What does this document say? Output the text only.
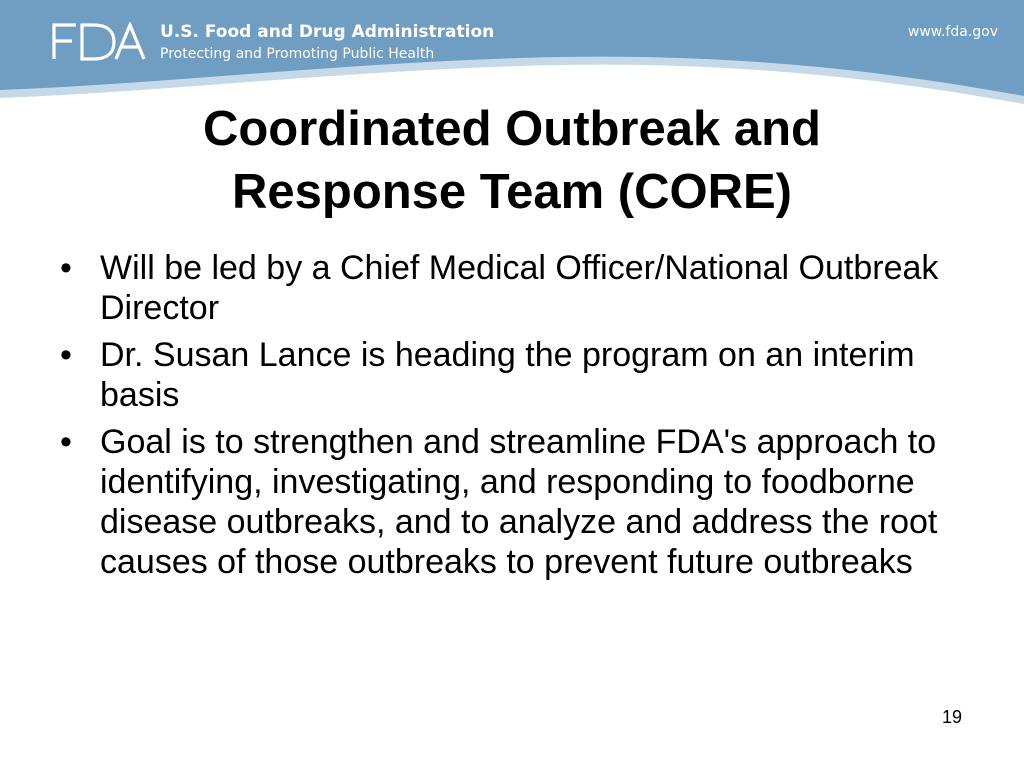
U.S. Food and Drug Administration
Protecting and Promoting Public Health
www.fda.gov
Coordinated Outbreak and
Response Team (CORE)
• Will be led by a Chief Medical Officer/National Outbreak Director
• Dr. Susan Lance is heading the program on an interim basis
• Goal is to strengthen and streamline FDA's approach to identifying, investigating, and responding to foodborne disease outbreaks, and to analyze and address the root causes of those outbreaks to prevent future outbreaks
19
